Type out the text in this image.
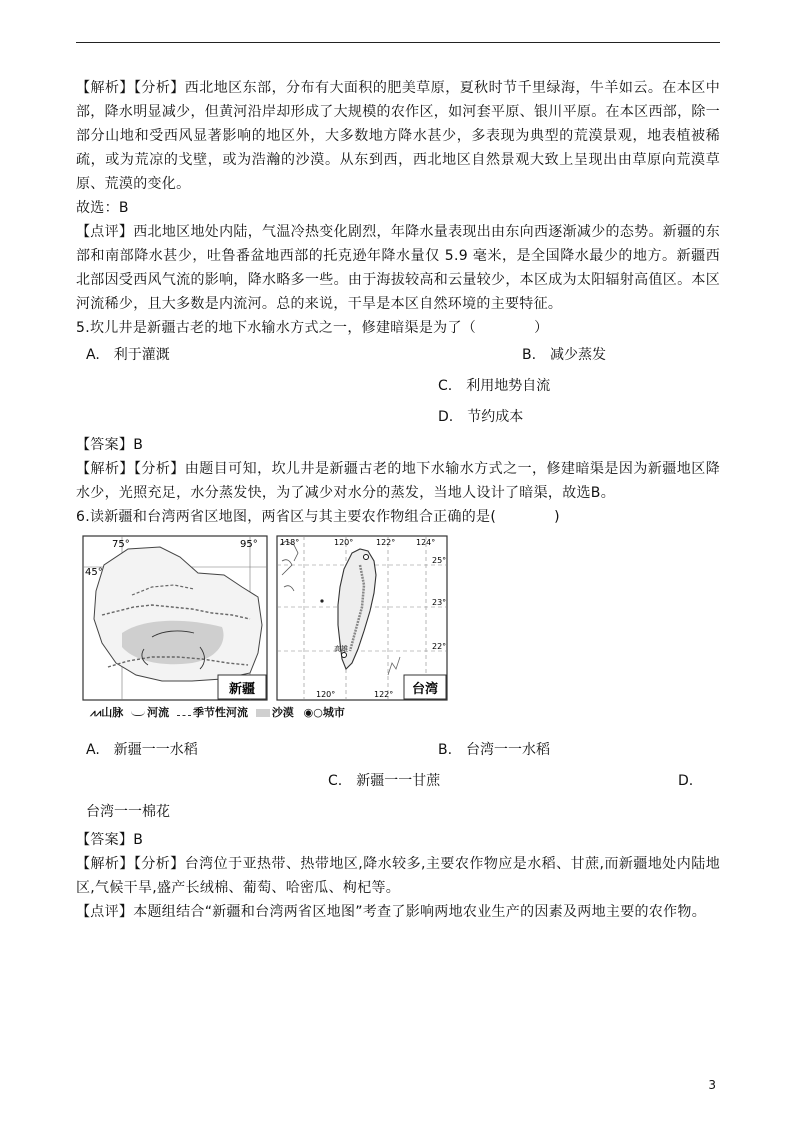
【解析】【分析】西北地区东部，分布有大面积的肥美草原，夏秋时节千里绿海，牛羊如云。在本区中部，降水明显减少，但黄河沿岸却形成了大规模的农作区，如河套平原、银川平原。在本区西部，除一部分山地和受西风显著影响的地区外，大多数地方降水甚少，多表现为典型的荒漠景观，地表植被稀疏，或为荒凉的戈壁，或为浩瀚的沙漠。从东到西，西北地区自然景观大致上呈现出由草原向荒漠草原、荒漠的变化。

故选：B

【点评】西北地区地处内陆，气温冷热变化剧烈，年降水量表现出由东向西逐渐减少的态势。新疆的东部和南部降水甚少，吐鲁番盆地西部的托克逊年降水量仅 5.9 毫米，是全国降水最少的地方。新疆西北部因受西风气流的影响，降水略多一些。由于海拔较高和云量较少，本区成为太阳辐射高值区。本区河流稀少，且大多数是内流河。总的来说，干旱是本区自然环境的主要特征。

5.坎儿井是新疆古老的地下水输水方式之一，修建暗渠是为了（	）

A.　利于灌溉	B.　减少蒸发
C.　利用地势自流
D.　节约成本

【答案】B

【解析】【分析】由题目可知，坎儿井是新疆古老的地下水输水方式之一，修建暗渠是因为新疆地区降水少，光照充足，水分蒸发快，为了减少对水分的蒸发，当地人设计了暗渠，故选B。

6.读新疆和台湾两省区地图，两省区与其主要农作物组合正确的是(	)

新疆
75°	95°
45°
高雄
台湾
118°	120°	122°	124°
25°
23°
22°
120°	122°
⩘⩘山脉 河流 季节性河流 沙漠 ◉○城市
A.　新疆一一水稻	B.　台湾一一水稻
C.　新疆一一甘蔗	D.
台湾一一棉花

【答案】B

【解析】【分析】台湾位于亚热带、热带地区,降水较多,主要农作物应是水稻、甘蔗,而新疆地处内陆地区,气候干旱,盛产长绒棉、葡萄、哈密瓜、枸杞等。

【点评】本题组结合“新疆和台湾两省区地图”考查了影响两地农业生产的因素及两地主要的农作物。

3
